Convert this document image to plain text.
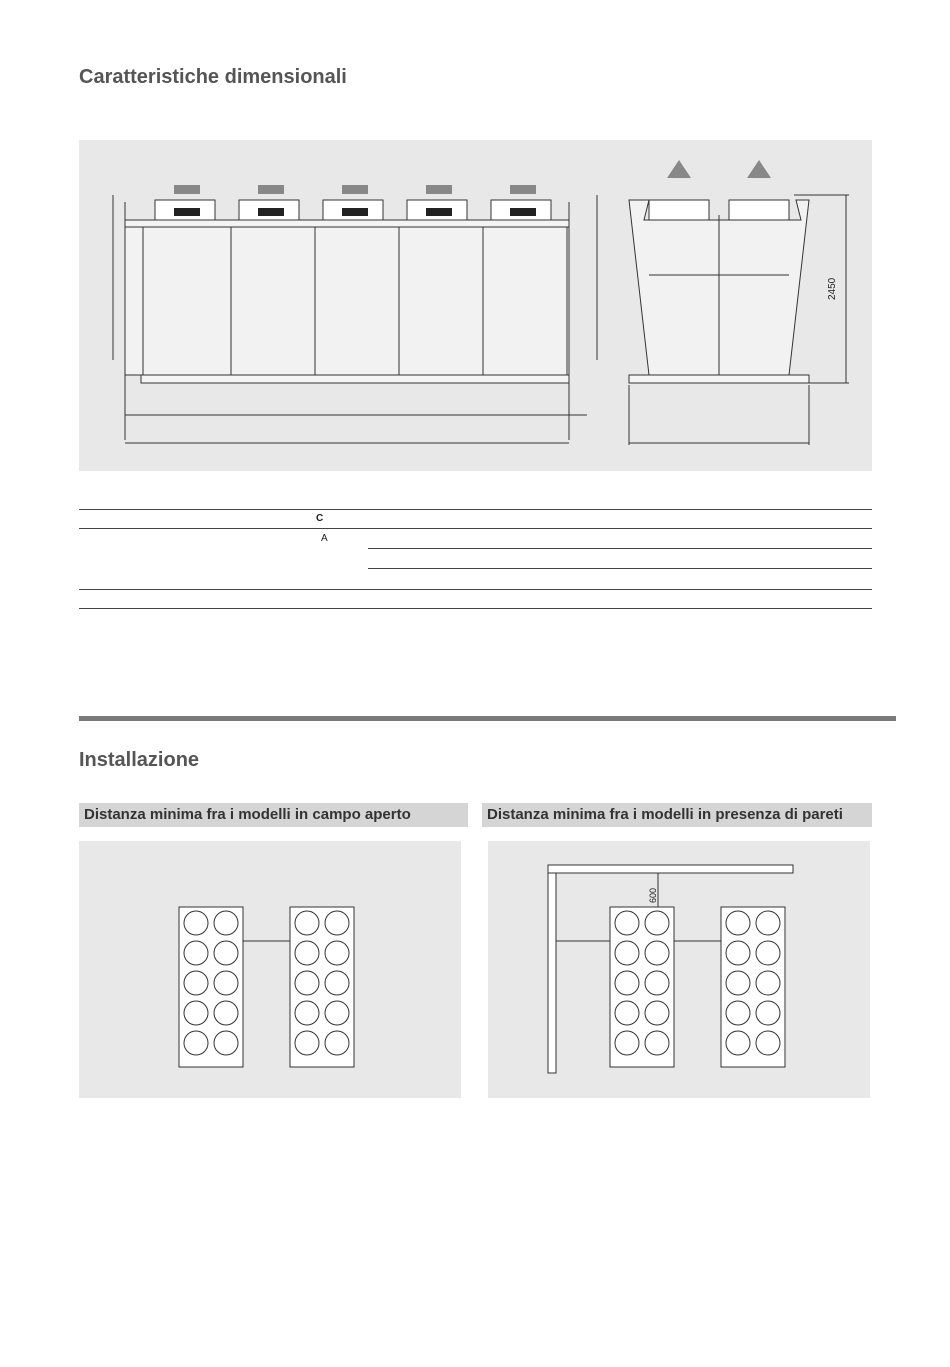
Caratteristiche dimensionali
2450
C
A
Installazione
Distanza minima fra i modelli in campo aperto	Distanza minima fra i modelli in presenza di pareti
600
